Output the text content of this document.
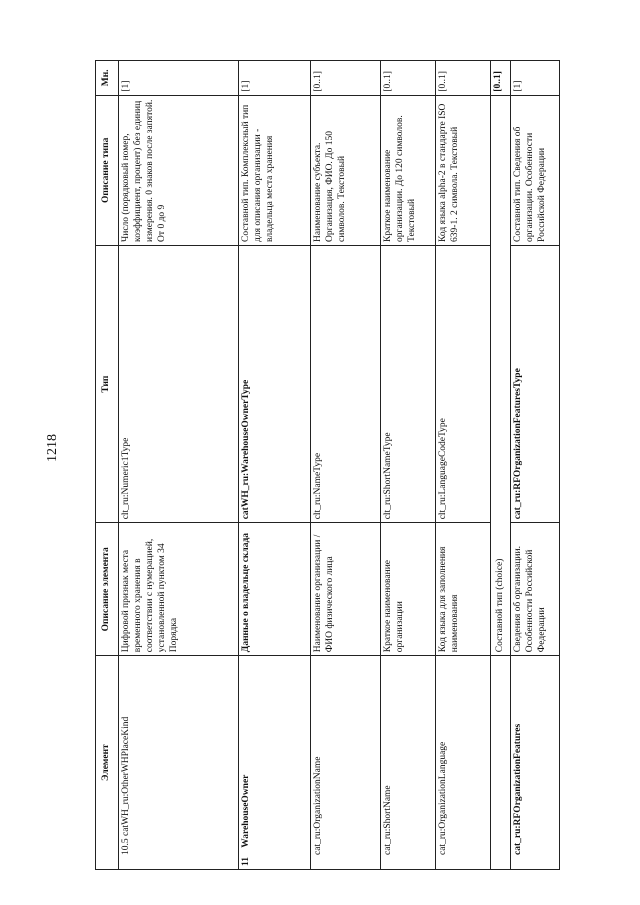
1218
Элемент	Описание элемента	Тип	Описание типа	Мн.
10.5 catWH_ru:OtherWHPlaceKind	Цифровой признак места временного хранения в соответствии с нумерацией, установленной пунктом 34 Порядка	clt_ru:Numeric1Type	Число (порядковый номер, коэффициент, процент) без единиц измерения. 0 знаков после запятой. От 0 до 9	[1]
11 WarehouseOwner	Данные о владельце склада	catWH_ru:WarehouseOwnerType	Составной тип. Комплексный тип для описания организации - владельца места хранения	[1]
cat_ru:OrganizationName	Наименование организации / ФИО физического лица	clt_ru:NameType	Наименование субъекта. Организация, ФИО. До 150 символов. Текстовый	[0..1]
cat_ru:ShortName	Краткое наименование организации	clt_ru:ShortNameType	Краткое наименование организации. До 120 символов. Текстовый	[0..1]
cat_ru:OrganizationLanguage	Код языка для заполнения наименования	clt_ru:LanguageCodeType	Код языка alpha-2 в стандарте ISO 639-1. 2 символа. Текстовый	[0..1]
	Составной тип (choice)			[0..1]
cat_ru:RFOrganizationFeatures	Сведения об организации. Особенности Российской Федерации	cat_ru:RFOrganizationFeaturesType	Составной тип. Сведения об организации. Особенности Российской Федерации	[1]
